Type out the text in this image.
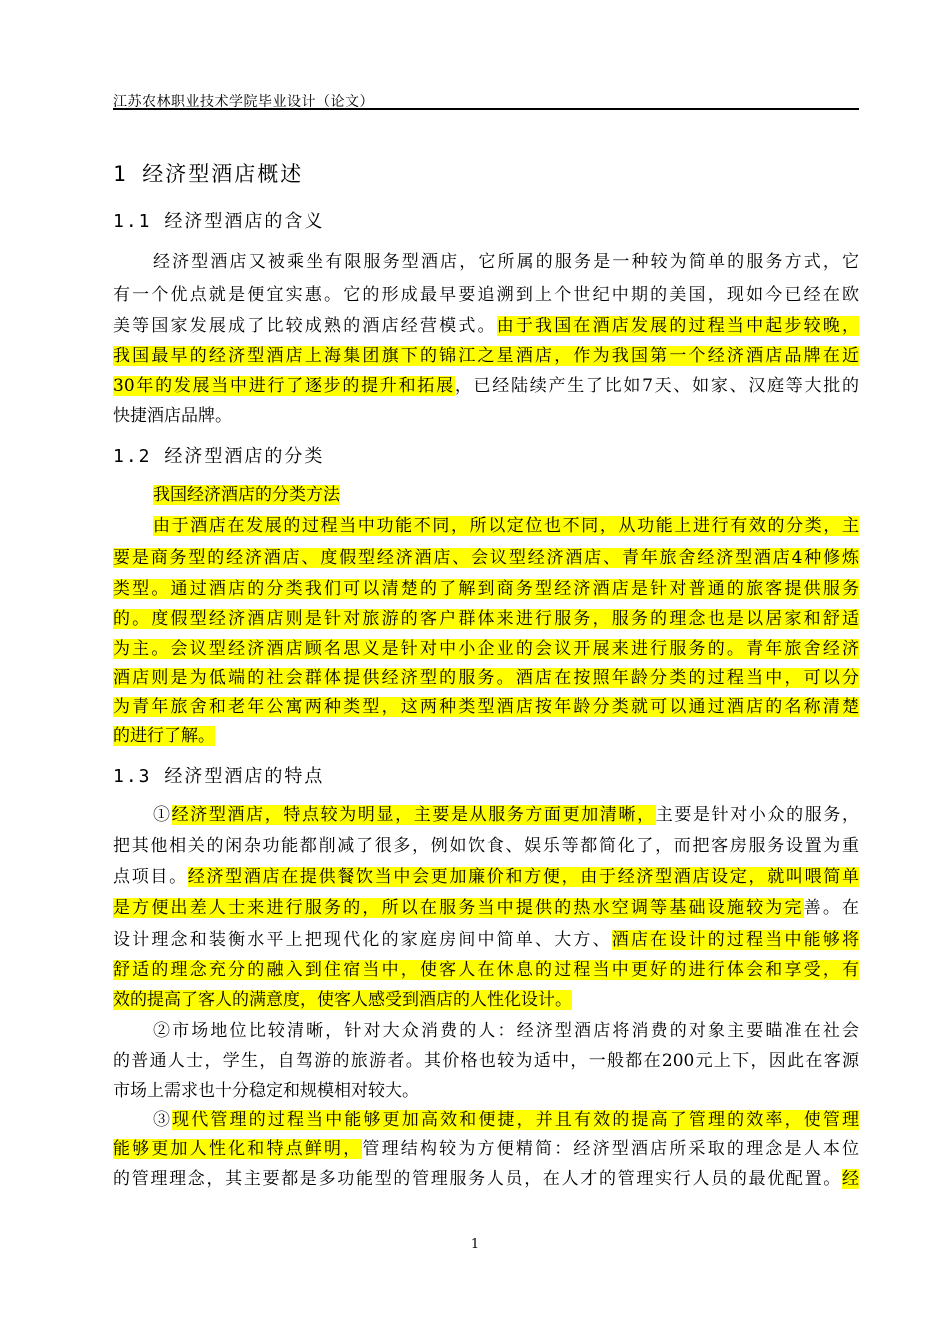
江苏农林职业技术学院毕业设计（论文）
1 经济型酒店概述
1.1 经济型酒店的含义
经济型酒店又被乘坐有限服务型酒店，它所属的服务是一种较为简单的服务方式，它
有一个优点就是便宜实惠。它的形成最早要追溯到上个世纪中期的美国，现如今已经在欧
美等国家发展成了比较成熟的酒店经营模式。由于我国在酒店发展的过程当中起步较晚，
我国最早的经济型酒店上海集团旗下的锦江之星酒店，作为我国第一个经济酒店品牌在近
30年的发展当中进行了逐步的提升和拓展，已经陆续产生了比如7天、如家、汉庭等大批的
快捷酒店品牌。
1.2 经济型酒店的分类
我国经济酒店的分类方法
由于酒店在发展的过程当中功能不同，所以定位也不同，从功能上进行有效的分类，主
要是商务型的经济酒店、度假型经济酒店、会议型经济酒店、青年旅舍经济型酒店4种修炼
类型。通过酒店的分类我们可以清楚的了解到商务型经济酒店是针对普通的旅客提供服务
的。度假型经济酒店则是针对旅游的客户群体来进行服务，服务的理念也是以居家和舒适
为主。会议型经济酒店顾名思义是针对中小企业的会议开展来进行服务的。青年旅舍经济
酒店则是为低端的社会群体提供经济型的服务。酒店在按照年龄分类的过程当中，可以分
为青年旅舍和老年公寓两种类型，这两种类型酒店按年龄分类就可以通过酒店的名称清楚
的进行了解。
1.3 经济型酒店的特点
①经济型酒店，特点较为明显，主要是从服务方面更加清晰，主要是针对小众的服务，
把其他相关的闲杂功能都削减了很多，例如饮食、娱乐等都简化了，而把客房服务设置为重
点项目。经济型酒店在提供餐饮当中会更加廉价和方便，由于经济型酒店设定，就叫喂简单
是方便出差人士来进行服务的，所以在服务当中提供的热水空调等基础设施较为完善。在
设计理念和装衡水平上把现代化的家庭房间中简单、大方、酒店在设计的过程当中能够将
舒适的理念充分的融入到住宿当中，使客人在休息的过程当中更好的进行体会和享受，有
效的提高了客人的满意度，使客人感受到酒店的人性化设计。
②市场地位比较清晰，针对大众消费的人：经济型酒店将消费的对象主要瞄准在社会
的普通人士，学生，自驾游的旅游者。其价格也较为适中，一般都在200元上下，因此在客源
市场上需求也十分稳定和规模相对较大。
③现代管理的过程当中能够更加高效和便捷，并且有效的提高了管理的效率，使管理
能够更加人性化和特点鲜明，管理结构较为方便精简：经济型酒店所采取的理念是人本位
的管理理念，其主要都是多功能型的管理服务人员，在人才的管理实行人员的最优配置。经
1
